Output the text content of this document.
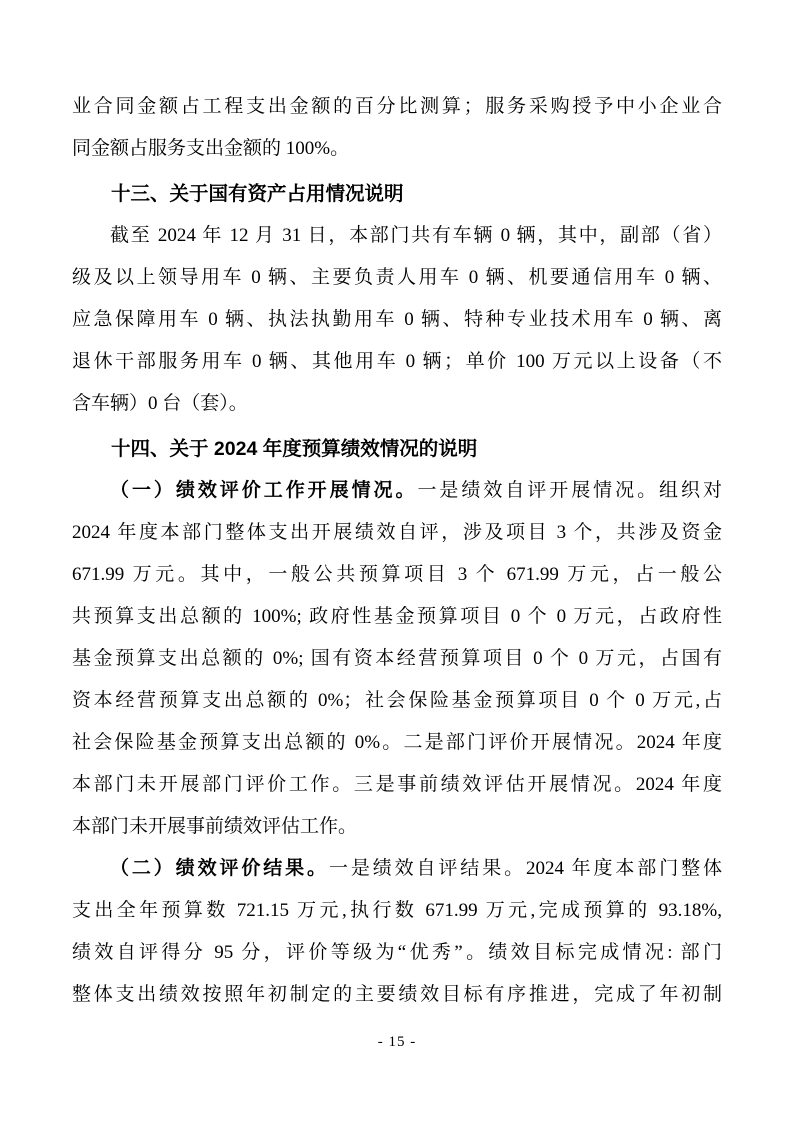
业合同金额占工程支出金额的百分比测算；服务采购授予中小企业合
同金额占服务支出金额的 100%。
十三、关于国有资产占用情况说明
截至 2024 年 12 月 31 日，本部门共有车辆 0 辆，其中，副部（省）
级及以上领导用车 0 辆、主要负责人用车 0 辆、机要通信用车 0 辆、
应急保障用车 0 辆、执法执勤用车 0 辆、特种专业技术用车 0 辆、离
退休干部服务用车 0 辆、其他用车 0 辆；单价 100 万元以上设备（不
含车辆）0 台（套）。
十四、关于 2024 年度预算绩效情况的说明
（一）绩效评价工作开展情况。一是绩效自评开展情况。组织对
2024 年度本部门整体支出开展绩效自评，涉及项目 3 个，共涉及资金
671.99 万元。其中，一般公共预算项目 3 个 671.99 万元，占一般公
共预算支出总额的 100%; 政府性基金预算项目 0 个 0 万元，占政府性
基金预算支出总额的 0%; 国有资本经营预算项目 0 个 0 万元，占国有
资本经营预算支出总额的 0%；社会保险基金预算项目 0 个 0 万元,占
社会保险基金预算支出总额的 0%。二是部门评价开展情况。2024 年度
本部门未开展部门评价工作。三是事前绩效评估开展情况。2024 年度
本部门未开展事前绩效评估工作。
（二）绩效评价结果。一是绩效自评结果。2024 年度本部门整体
支出全年预算数 721.15 万元,执行数 671.99 万元,完成预算的 93.18%,
绩效自评得分 95 分，评价等级为“优秀”。绩效目标完成情况: 部门
整体支出绩效按照年初制定的主要绩效目标有序推进，完成了年初制
- 15 -
